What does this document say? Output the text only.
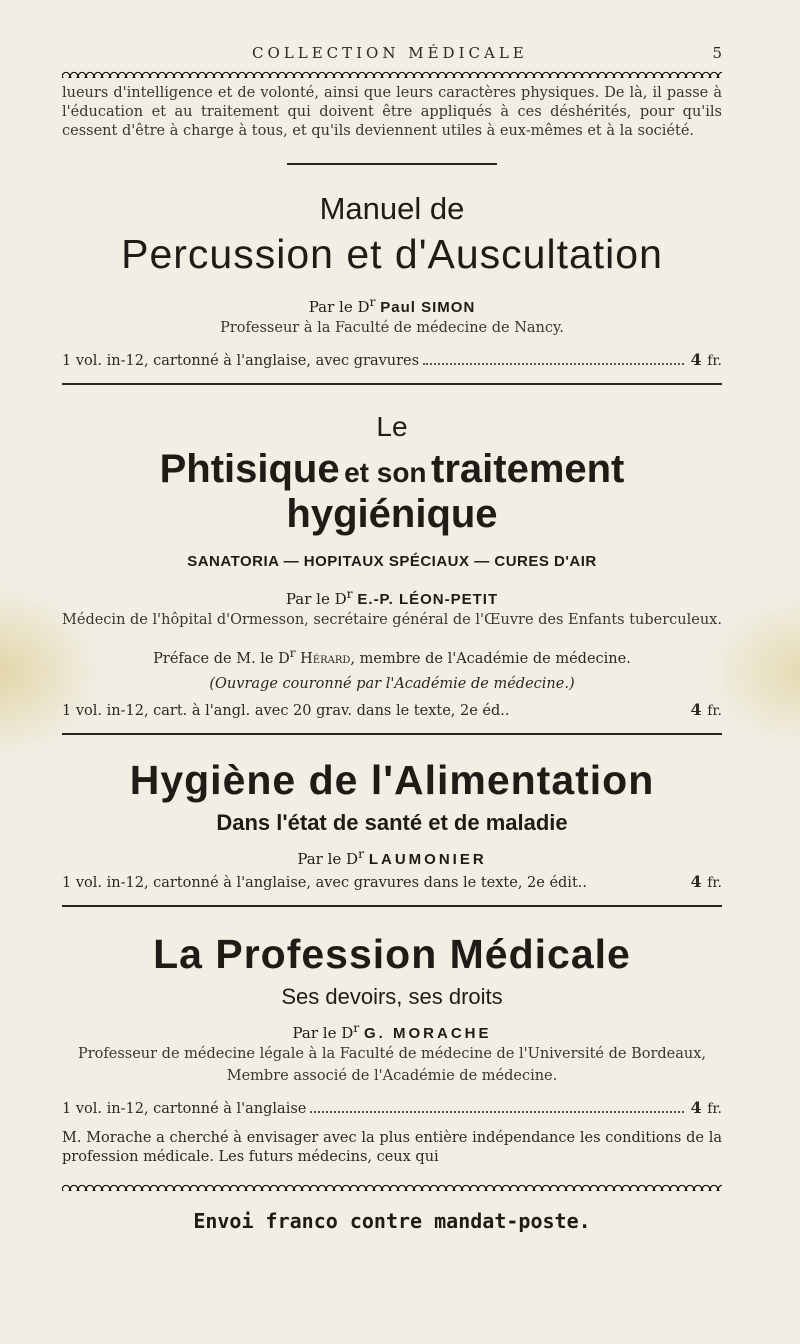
COLLECTION MÉDICALE	5

lueurs d'intelligence et de volonté, ainsi que leurs caractères physiques. De là, il passe à l'éducation et au traitement qui doivent être appliqués à ces déshérités, pour qu'ils cessent d'être à charge à tous, et qu'ils deviennent utiles à eux-mêmes et à la société.

Manuel de
Percussion et d'Auscultation
Par le $D^r$ Paul SIMON
Professeur à la Faculté de médecine de Nancy.
1 vol. in-12, cartonné à l'anglaise, avec gravures	4 fr.
Le
Phtisique et son traitement hygiénique
SANATORIA — HOPITAUX SPÉCIAUX — CURES D'AIR
Par le $D^r$ E.-P. LÉON-PETIT
Médecin de l'hôpital d'Ormesson, secrétaire général de l'Œuvre des Enfants tuberculeux.
Préface de M. le $D^r$ Hérard, membre de l'Académie de médecine.
(Ouvrage couronné par l'Académie de médecine.)
1 vol. in-12, cart. à l'angl. avec 20 grav. dans le texte, 2e éd..	4 fr.
Hygiène de l'Alimentation
Dans l'état de santé et de maladie
Par le $D^r$ LAUMONIER
1 vol. in-12, cartonné à l'anglaise, avec gravures dans le texte, 2e édit..	4 fr.
La Profession Médicale
Ses devoirs, ses droits
Par le $D^r$ G. MORACHE
Professeur de médecine légale à la Faculté de médecine de l'Université de Bordeaux,
Membre associé de l'Académie de médecine.
1 vol. in-12, cartonné à l'anglaise	4 fr.

M. Morache a cherché à envisager avec la plus entière indépendance les conditions de la profession médicale. Les futurs médecins, ceux qui

Envoi franco contre mandat-poste.
